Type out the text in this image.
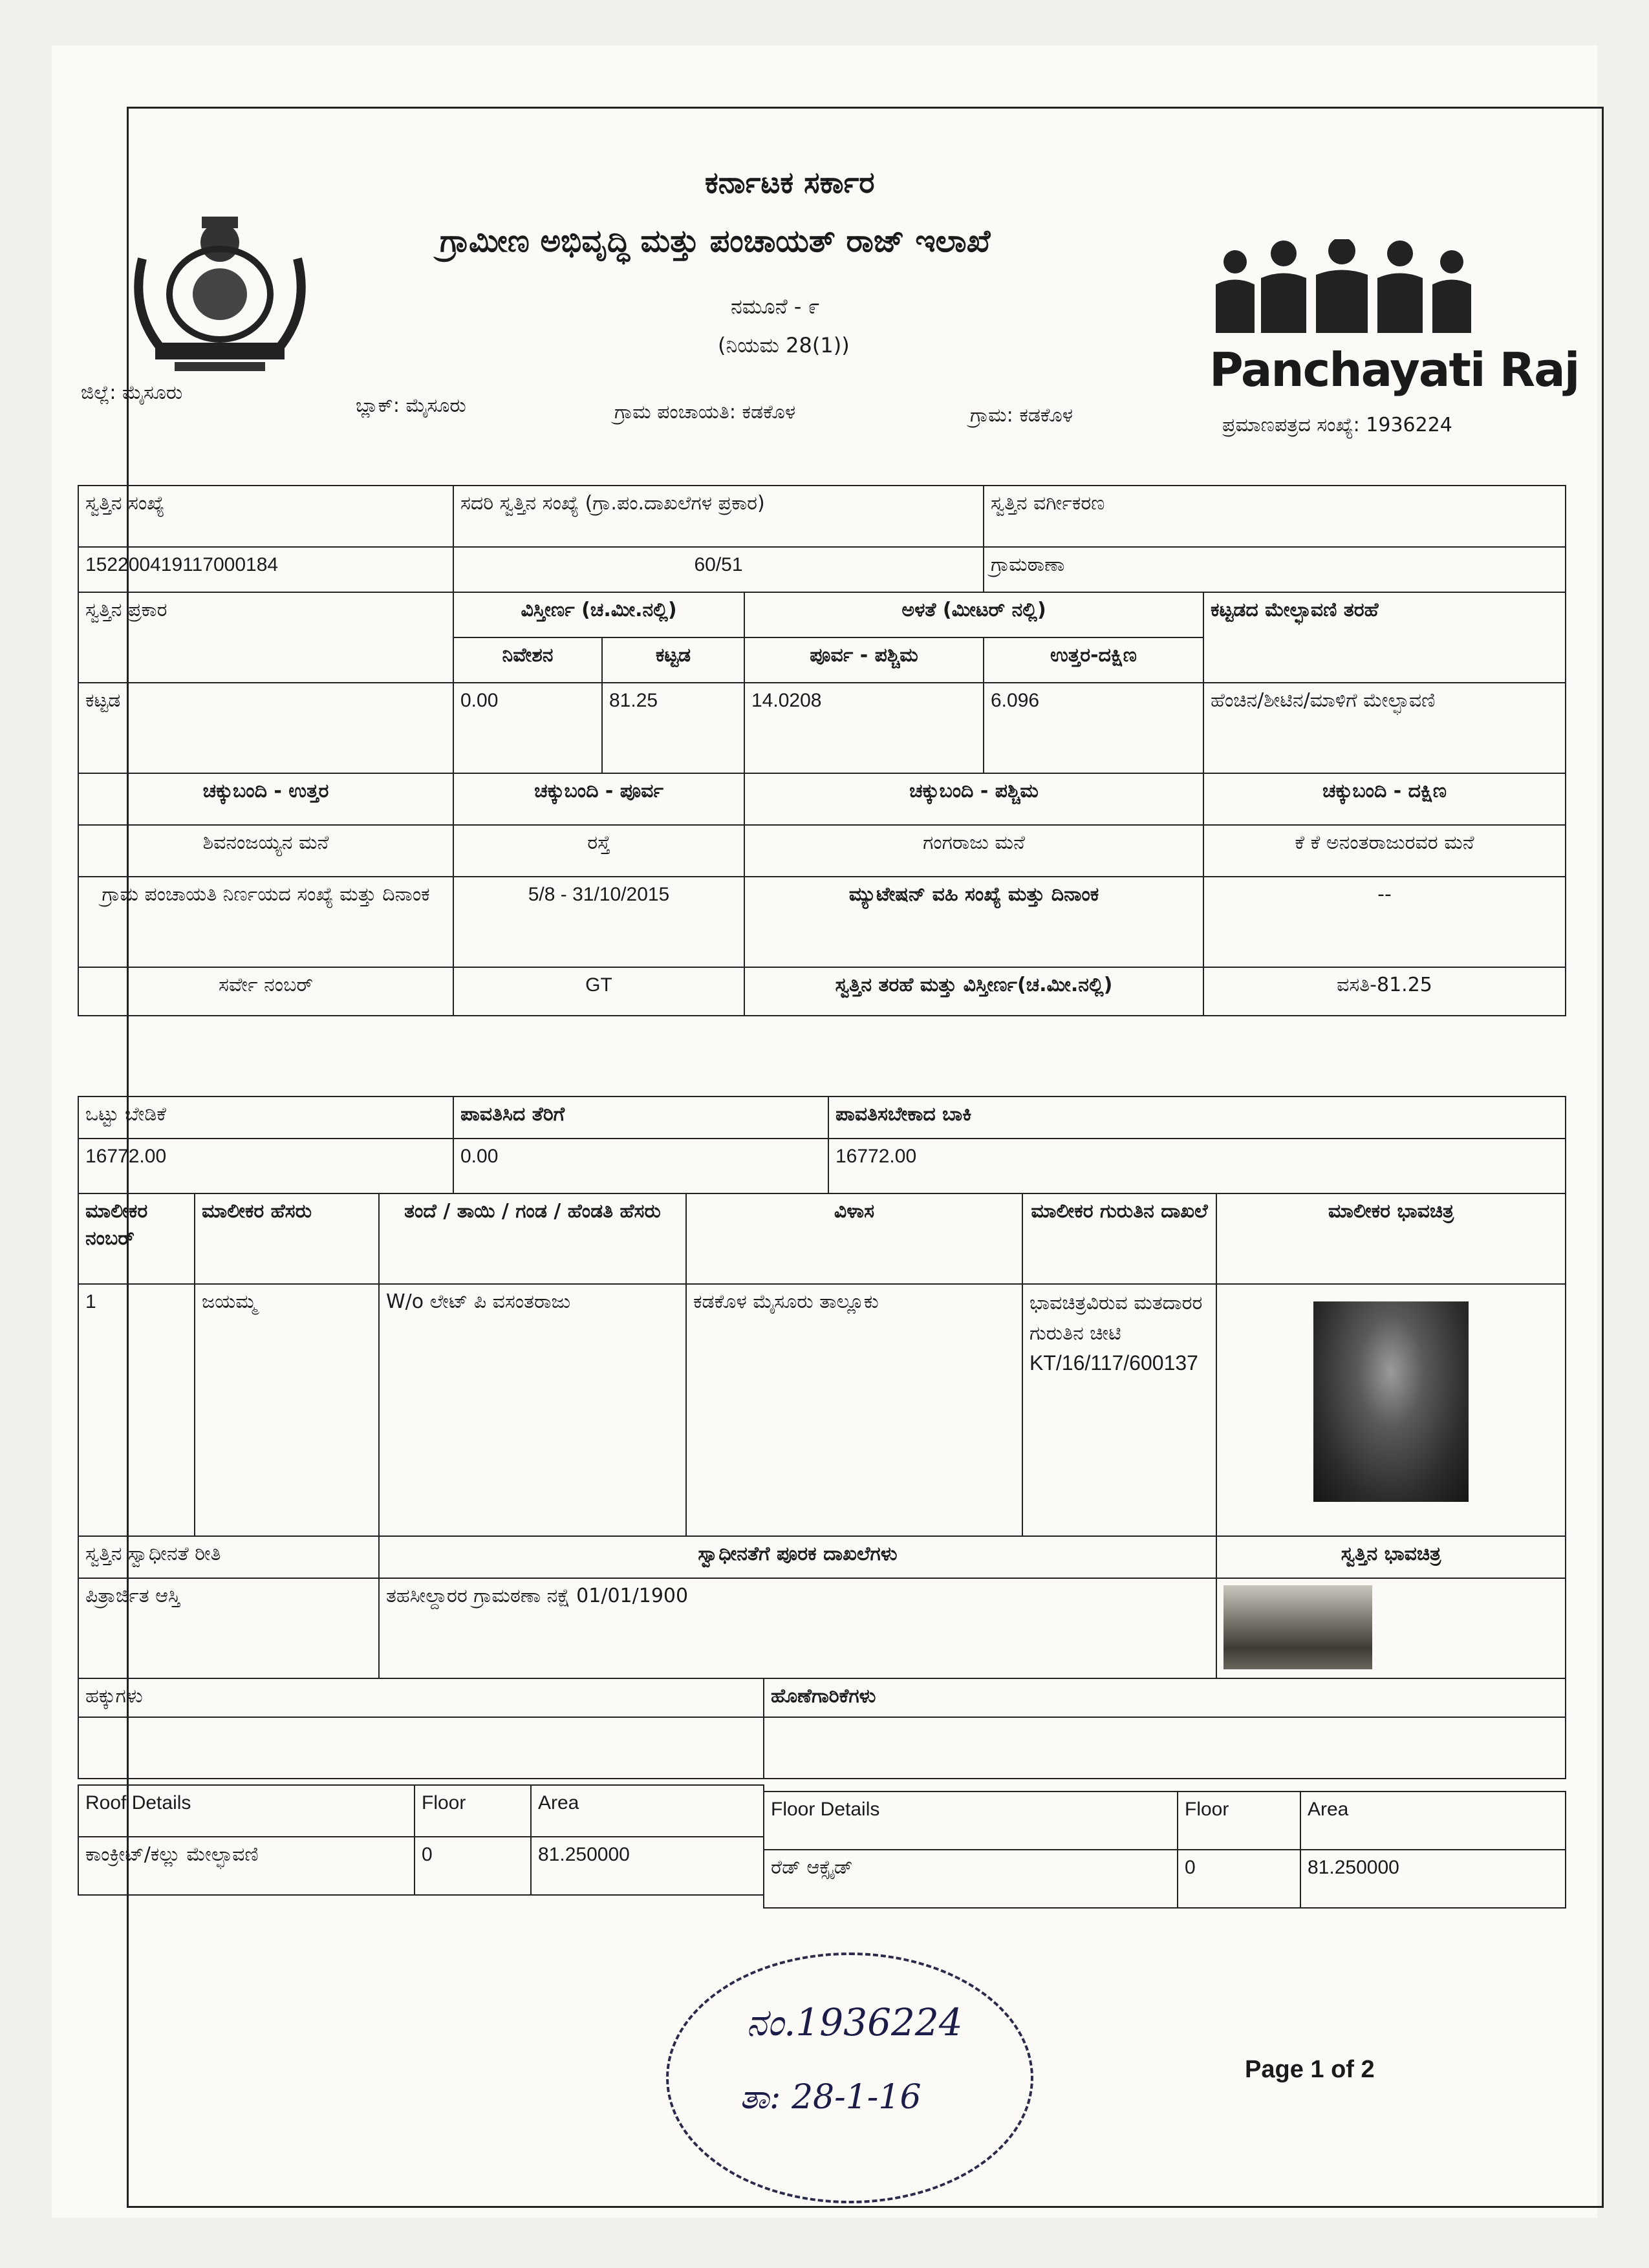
Panchayati Raj
ಕರ್ನಾಟಕ ಸರ್ಕಾರ
ಗ್ರಾಮೀಣ ಅಭಿವೃದ್ಧಿ ಮತ್ತು ಪಂಚಾಯತ್ ರಾಜ್ ಇಲಾಖೆ
ನಮೂನೆ - ೯
(ನಿಯಮ 28(1))
ಜಿಲ್ಲೆ: ಮೈಸೂರು
ಬ್ಲಾಕ್: ಮೈಸೂರು	ಗ್ರಾಮ ಪಂಚಾಯತಿ: ಕಡಕೊಳ	ಗ್ರಾಮ: ಕಡಕೊಳ	ಪ್ರಮಾಣಪತ್ರದ ಸಂಖ್ಯೆ: 1936224
ಸ್ವತ್ತಿನ ಸಂಖ್ಯೆ	ಸದರಿ ಸ್ವತ್ತಿನ ಸಂಖ್ಯೆ (ಗ್ರಾ.ಪಂ.ದಾಖಲೆಗಳ ಪ್ರಕಾರ)			ಸ್ವತ್ತಿನ ವರ್ಗೀಕರಣ	
152200419117000184	60/51			ಗ್ರಾಮಠಾಣಾ	
ಸ್ವತ್ತಿನ ಪ್ರಕಾರ	ವಿಸ್ತೀರ್ಣ (ಚ.ಮೀ.ನಲ್ಲಿ)		ಅಳತೆ (ಮೀಟರ್ ನಲ್ಲಿ)		ಕಟ್ಟಡದ ಮೇಲ್ಛಾವಣಿ ತರಹೆ
	ನಿವೇಶನ	ಕಟ್ಟಡ	ಪೂರ್ವ - ಪಶ್ಚಿಮ	ಉತ್ತರ-ದಕ್ಷಿಣ	
ಕಟ್ಟಡ	0.00	81.25	14.0208	6.096	ಹೆಂಚಿನ/ಶೀಟಿನ/ಮಾಳಿಗೆ ಮೇಲ್ಛಾವಣಿ
ಚಕ್ಕುಬಂದಿ - ಉತ್ತರ	ಚಕ್ಕುಬಂದಿ - ಪೂರ್ವ		ಚಕ್ಕುಬಂದಿ - ಪಶ್ಚಿಮ		ಚಕ್ಕುಬಂದಿ - ದಕ್ಷಿಣ
ಶಿವನಂಜಯ್ಯನ ಮನೆ	ರಸ್ತೆ		ಗಂಗರಾಜು ಮನೆ		ಕೆ ಕೆ ಅನಂತರಾಜುರವರ ಮನೆ
ಗ್ರಾಮ ಪಂಚಾಯತಿ ನಿರ್ಣಯದ ಸಂಖ್ಯೆ ಮತ್ತು ದಿನಾಂಕ	5/8 - 31/10/2015		ಮ್ಯುಟೇಷನ್ ವಹಿ ಸಂಖ್ಯೆ ಮತ್ತು ದಿನಾಂಕ		--
ಸರ್ವೇ ನಂಬರ್	GT		ಸ್ವತ್ತಿನ ತರಹೆ ಮತ್ತು ವಿಸ್ತೀರ್ಣ(ಚ.ಮೀ.ನಲ್ಲಿ)		ವಸತಿ-81.25
ಒಟ್ಟು ಬೇಡಿಕೆ	ಪಾವತಿಸಿದ ತೆರಿಗೆ	ಪಾವತಿಸಬೇಕಾದ ಬಾಕಿ
16772.00	0.00	16772.00
ಮಾಲೀಕರ ನಂಬರ್	ಮಾಲೀಕರ ಹೆಸರು	ತಂದೆ / ತಾಯಿ / ಗಂಡ / ಹೆಂಡತಿ ಹೆಸರು	ವಿಳಾಸ	ಮಾಲೀಕರ ಗುರುತಿನ ದಾಖಲೆ	ಮಾಲೀಕರ ಭಾವಚಿತ್ರ
1	ಜಯಮ್ಮ	W/o ಲೇಟ್ ಪಿ ವಸಂತರಾಜು	ಕಡಕೊಳ ಮೈಸೂರು ತಾಲ್ಲೂಕು	ಭಾವಚಿತ್ರವಿರುವ ಮತದಾರರ ಗುರುತಿನ ಚೀಟಿ
KT/16/117/600137	

ಸ್ವತ್ತಿನ ಸ್ವಾಧೀನತೆ ರೀತಿ	ಸ್ವಾಧೀನತೆಗೆ ಪೂರಕ ದಾಖಲೆಗಳು	ಸ್ವತ್ತಿನ ಭಾವಚಿತ್ರ
ಪಿತ್ರಾರ್ಜಿತ ಆಸ್ತಿ	ತಹಸೀಲ್ದಾರರ ಗ್ರಾಮಠಣಾ ನಕ್ಷೆ 01/01/1900	
ಹಕ್ಕುಗಳು	ಹೊಣೆಗಾರಿಕೆಗಳು

Roof Details	Floor	Area
ಕಾಂಕ್ರೀಟ್/ಕಲ್ಲು ಮೇಲ್ಛಾವಣಿ	0	81.250000
Floor Details	Floor	Area
ರೆಡ್ ಆಕ್ಸೈಡ್	0	81.250000
ನಂ.1936224
ತಾ: 28-1-16
Page 1 of 2
